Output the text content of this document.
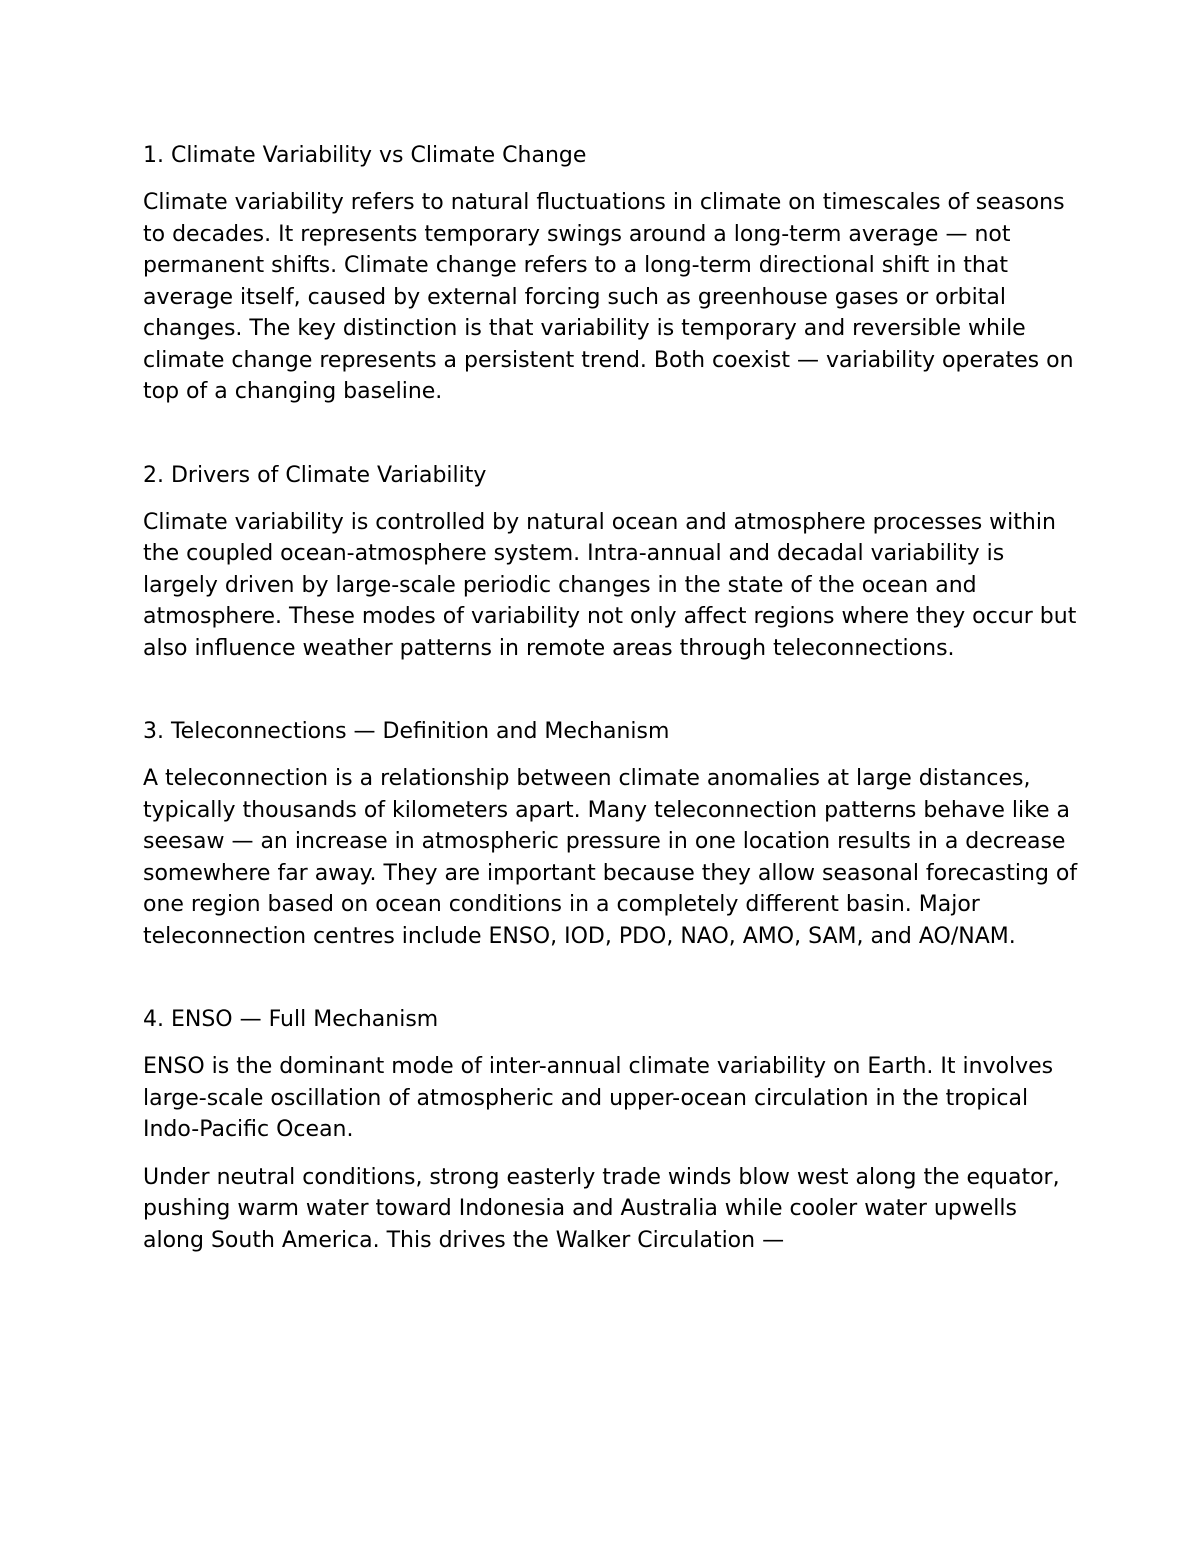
1. Climate Variability vs Climate Change
Climate variability refers to natural fluctuations in climate on timescales of seasons to decades. It represents temporary swings around a long-term average — not permanent shifts. Climate change refers to a long-term directional shift in that average itself, caused by external forcing such as greenhouse gases or orbital changes. The key distinction is that variability is temporary and reversible while climate change represents a persistent trend. Both coexist — variability operates on top of a changing baseline.
2. Drivers of Climate Variability
Climate variability is controlled by natural ocean and atmosphere processes within the coupled ocean-atmosphere system. Intra-annual and decadal variability is largely driven by large-scale periodic changes in the state of the ocean and atmosphere. These modes of variability not only affect regions where they occur but also influence weather patterns in remote areas through teleconnections.
3. Teleconnections — Definition and Mechanism
A teleconnection is a relationship between climate anomalies at large distances, typically thousands of kilometers apart. Many teleconnection patterns behave like a seesaw — an increase in atmospheric pressure in one location results in a decrease somewhere far away. They are important because they allow seasonal forecasting of one region based on ocean conditions in a completely different basin. Major teleconnection centres include ENSO, IOD, PDO, NAO, AMO, SAM, and AO/NAM.
4. ENSO — Full Mechanism
ENSO is the dominant mode of inter-annual climate variability on Earth. It involves large-scale oscillation of atmospheric and upper-ocean circulation in the tropical Indo-Pacific Ocean.
Under neutral conditions, strong easterly trade winds blow west along the equator, pushing warm water toward Indonesia and Australia while cooler water upwells along South America. This drives the Walker Circulation —
